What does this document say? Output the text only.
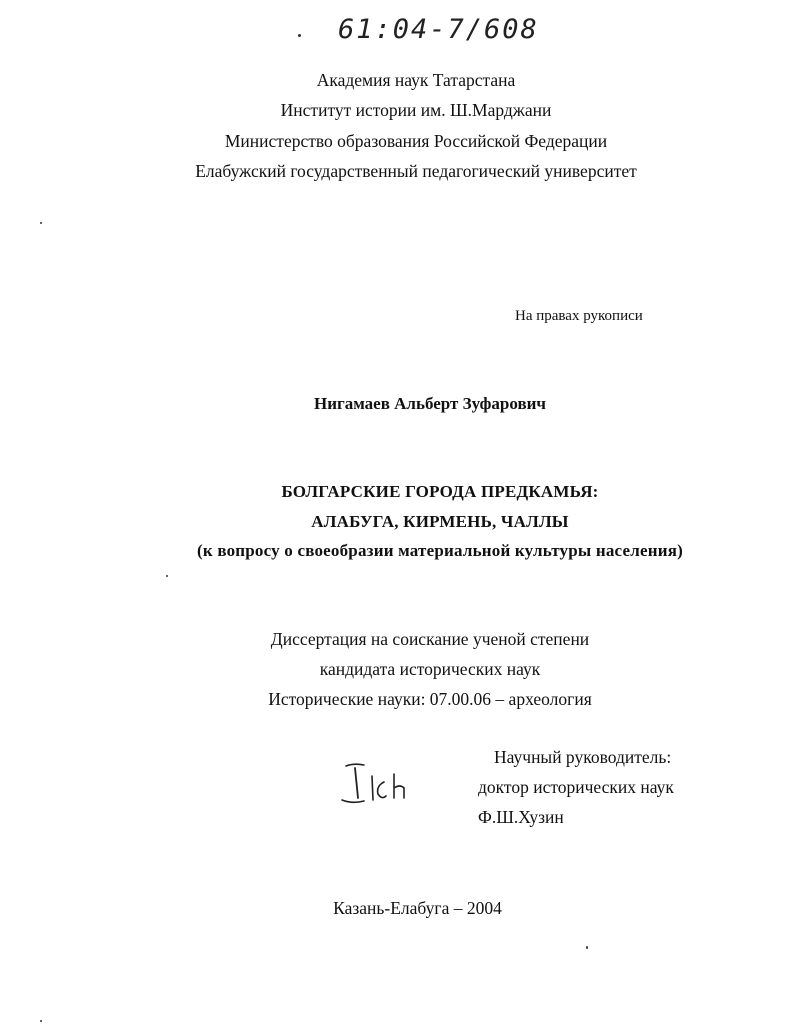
61:04-7/608
Академия наук Татарстана
Институт истории им. Ш.Марджани
Министерство образования Российской Федерации
Елабужский государственный педагогический университет
На правах рукописи
Нигамаев Альберт Зуфарович
БОЛГАРСКИЕ ГОРОДА ПРЕДКАМЬЯ:
АЛАБУГА, КИРМЕНЬ, ЧАЛЛЫ
(к вопросу о своеобразии материальной культуры населения)
Диссертация на соискание ученой степени
кандидата исторических наук
Исторические науки: 07.00.06 – археология
Научный руководитель:
доктор исторических наук
Ф.Ш.Хузин
Казань-Елабуга – 2004
